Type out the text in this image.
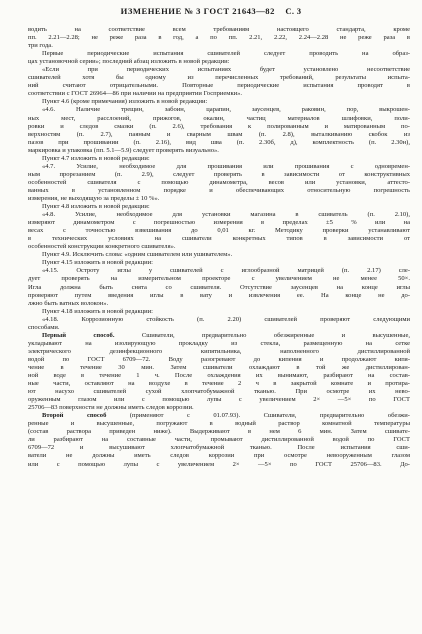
ИЗМЕНЕНИЕ № 3 ГОСТ 21643—82 С. 3
водить на соответствие всем требованиям настоящего стандарта, кроме
пп. 2.21—2.28; не реже раза в год, а по пп. 2.21, 2.22, 2.24—2.28 не реже раза в
три года.
Первые периодические испытания сшивателей следует проводить на образ-
цах установочной серии»; последний абзац изложить в новой редакции:
«Если при периодических испытаниях будет установлено несоответствие
сшивателей хотя бы одному из перечисленных требований, результаты испыта-
ний считают отрицательными. Повторные периодические испытания проводят в
соответствии с ГОСТ 26964—86 при наличии на предприятии Госприемки».
Пункт 4.6 (кроме примечания) изложить в новой редакции:
«4.6. Наличие трещин, забоин, царапин, заусенцев, раковин, пор, выкрошен-
ных мест, расслоений, прижогов, окалин, частиц материалов шлифовки, поли-
ровки и следов смазки (п. 2.6), требования к полированным и матированным по-
верхностям (п. 2.7), паяным и сварным швам (п. 2.8), выталкиванию скобок из
пазов при прошивании (п. 2.16), вид шва (п. 2.30б, д), комплектность (п. 2.30н),
маркировка и упаковка (пп. 5.1—5.9) следует проверять визуально».
Пункт 4.7 изложить в новой редакции:
«4.7. Усилие, необходимое для прошивания или прошивания с одновремен-
ным прорезанием (п. 2.9), следует проверять в зависимости от конструктивных
особенностей сшивателя с помощью динамометра, весов или установки, аттесто-
ванных в установленном порядке и обеспечивающих относительную погрешность
измерения, не выходящую за пределы ± 10 %».
Пункт 4.8 изложить в новой редакции:
«4.8. Усилие, необходимое для установки магазина в сшиватель (п. 2.10),
измеряют динамометром с погрешностью измерения в пределах ±5 % или на
весах с точностью взвешивания до 0,01 кг. Методику проверки устанавливают
в технических условиях на сшиватели конкретных типов в зависимости от
особенностей конструкции конкретного сшивателя».
Пункт 4.9. Исключить слова: «одним сшивателем или ушивателем».
Пункт 4.15 изложить в новой редакции:
«4.15. Остроту иглы у сшивателей с иглообразной матрицей (п. 2.17) сле-
дует проверять на измерительном проекторе с увеличением не менее 50×.
Игла должна быть снята со сшивателя. Отсутствие заусенцев на конце иглы
проверяют путем введения иглы в вату и извлечения ее. На конце не до-
лжно быть ватных волокон».
Пункт 4.18 изложить в новой редакции:
«4.18. Коррозионную стойкость (п. 2.20) сшивателей проверяют следующими
способами.
Первый способ. Сшиватели, предварительно обезжиренные и высушенные,
укладывают на изолирующую прокладку из стекла, размещенную на сетке
электрического дезинфекционного кипятильника, наполненного дистиллированной
водой по ГОСТ 6709—72. Воду разогревают до кипения и продолжают кипя-
чение в течение 30 мин. Затем сшиватели охлаждают в той же дистиллирован-
ной воде в течение 1 ч. После охлаждения их вынимают, разбирают на состав-
ные части, оставляют на воздухе в течение 2 ч в закрытой комнате и протира-
ют насухо сшивателей сухой хлопчатобумажной тканью. При осмотре их нево-
оруженным глазом или с помощью лупы с увеличением 2× —5× по ГОСТ
25706—83 поверхности не должны иметь следов коррозии.
Второй способ (применяют с 01.07.93). Сшиватели, предварительно обезжи-
ренные и высушенные, погружают в водный раствор комнатной температуры
(состав раствора приведен ниже). Выдерживают в нем 6 мин. Затем сшивате-
ли разбирают на составные части, промывают дистиллированной водой по ГОСТ
6709—72 и высушивают хлопчатобумажной тканью. После испытания сши-
ватели не должны иметь следов коррозии при осмотре невооруженным глазом
или с помощью лупы с увеличением 2× —5× по ГОСТ 25706—83. До-
